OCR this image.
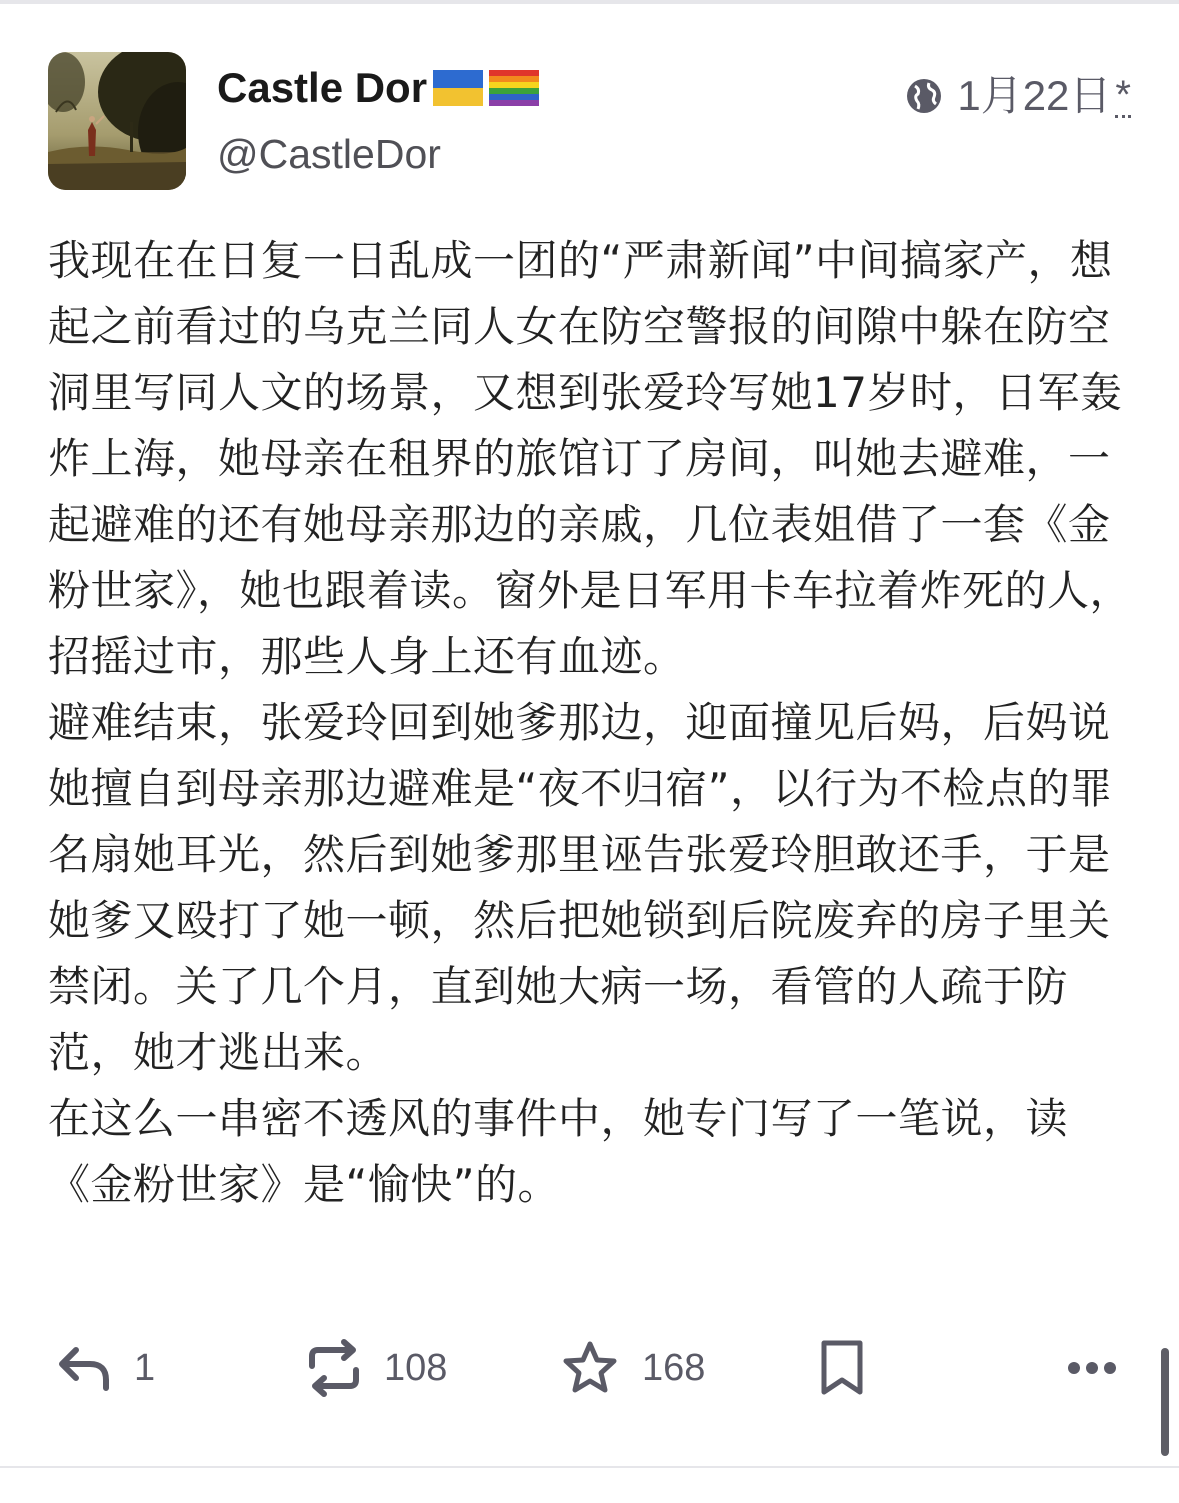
Castle Dor
@CastleDor
1月22日 *

我现在在日复一日乱成一团的“严肃新闻”中间搞家产，想起之前看过的乌克兰同人女在防空警报的间隙中躲在防空洞里写同人文的场景，又想到张爱玲写她17岁时，日军轰炸上海，她母亲在租界的旅馆订了房间，叫她去避难，一起避难的还有她母亲那边的亲戚，几位表姐借了一套《金粉世家》，她也跟着读。窗外是日军用卡车拉着炸死的人，招摇过市，那些人身上还有血迹。

避难结束，张爱玲回到她爹那边，迎面撞见后妈，后妈说她擅自到母亲那边避难是“夜不归宿”，以行为不检点的罪名扇她耳光，然后到她爹那里诬告张爱玲胆敢还手，于是她爹又殴打了她一顿，然后把她锁到后院废弃的房子里关禁闭。关了几个月，直到她大病一场，看管的人疏于防范，她才逃出来。

在这么一串密不透风的事件中，她专门写了一笔说，读《金粉世家》是“愉快”的。

1	108	168
